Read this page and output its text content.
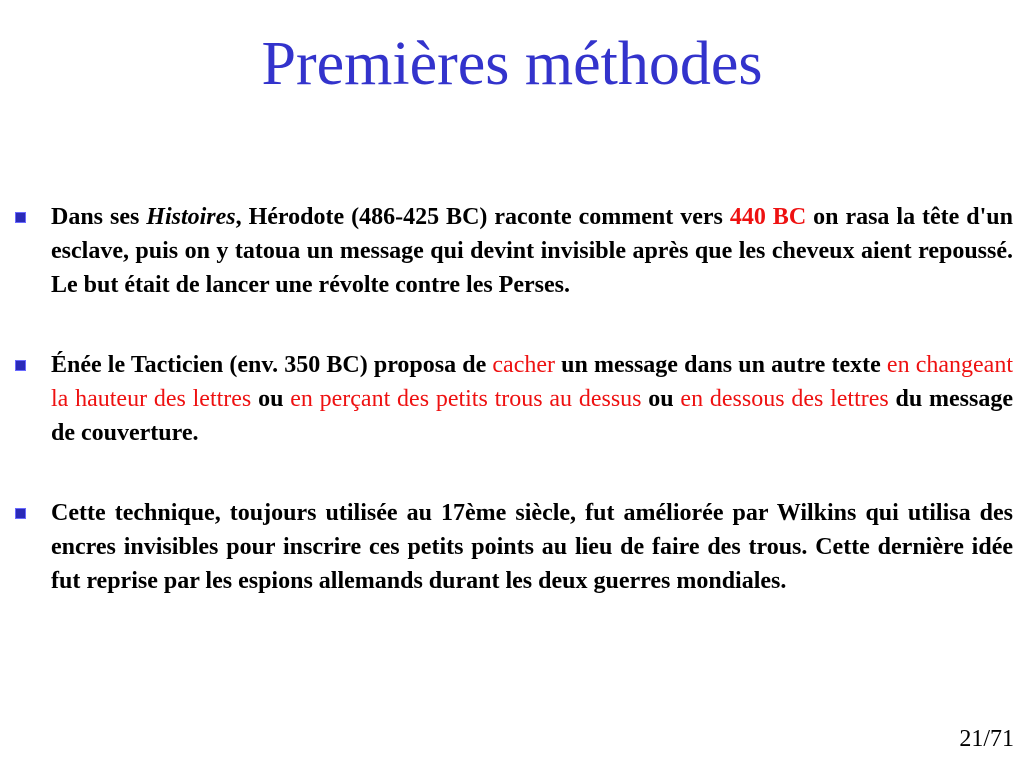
Premières méthodes
Dans ses Histoires, Hérodote (486-425 BC) raconte comment vers 440 BC on rasa la tête d'un esclave, puis on y tatoua un message qui devint invisible après que les cheveux aient repoussé. Le but était de lancer une révolte contre les Perses.
Énée le Tacticien (env. 350 BC) proposa de cacher un message dans un autre texte en changeant la hauteur des lettres ou en perçant des petits trous au dessus ou en dessous des lettres du message de couverture.
Cette technique, toujours utilisée au 17ème siècle, fut améliorée par Wilkins qui utilisa des encres invisibles pour inscrire ces petits points au lieu de faire des trous. Cette dernière idée fut reprise par les espions allemands durant les deux guerres mondiales.
21/71
